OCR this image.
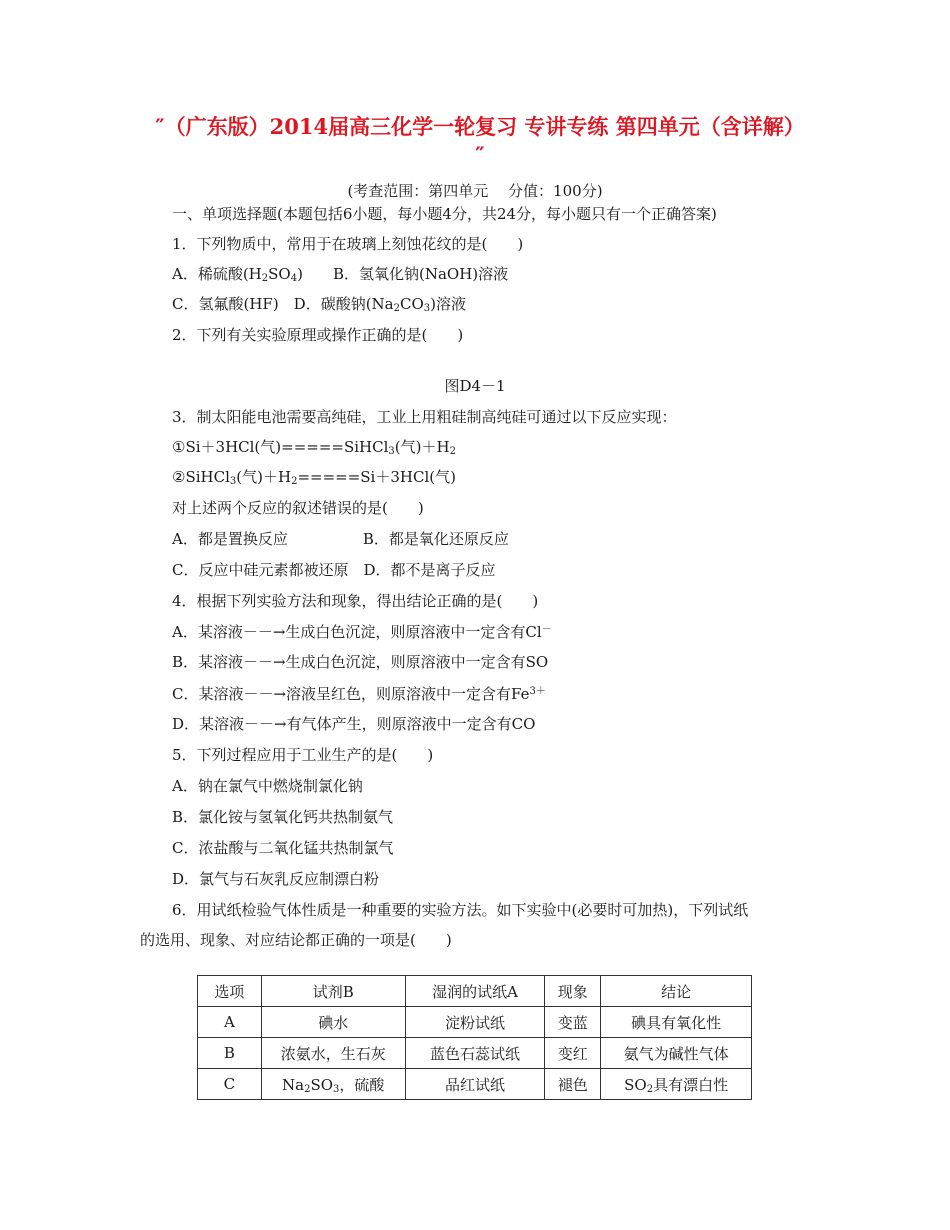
″（广东版）2014届高三化学一轮复习 专讲专练 第四单元（含详解） ″
(考查范围：第四单元　 分值：100分)
一、单项选择题(本题包括6小题，每小题4分，共24分，每小题只有一个正确答案)
1．下列物质中，常用于在玻璃上刻蚀花纹的是(　　)
A．稀硫酸$(H_2SO_4)$　　B．氢氧化钠(NaOH)溶液
C．氢氟酸(HF)　D．碳酸钠$(Na_2CO_3)$溶液
2．下列有关实验原理或操作正确的是(　　)
图D4－1
3．制太阳能电池需要高纯硅，工业上用粗硅制高纯硅可通过以下反应实现：
①Si＋3HCl(气)=====SiHCl$_3$(气)$+H_2$
②SiHCl$_3$(气)$+H_2=====Si+3HCl$(气)
对上述两个反应的叙述错误的是(　　)
A．都是置换反应　　　　　B．都是氧化还原反应
C．反应中硅元素都被还原　D．都不是离子反应
4．根据下列实验方法和现象，得出结论正确的是(　　)
A．某溶液－－→生成白色沉淀，则原溶液中一定含有Cl－
B．某溶液－－→生成白色沉淀，则原溶液中一定含有SO
C．某溶液－－→溶液呈红色，则原溶液中一定含有$Fe^{3+}$
D．某溶液－－→有气体产生，则原溶液中一定含有CO
5．下列过程应用于工业生产的是(　　)
A．钠在氯气中燃烧制氯化钠
B．氯化铵与氢氧化钙共热制氨气
C．浓盐酸与二氧化锰共热制氯气
D．氯气与石灰乳反应制漂白粉
6．用试纸检验气体性质是一种重要的实验方法。如下实验中(必要时可加热)，下列试纸
的选用、现象、对应结论都正确的一项是(　　)
选项	试剂B	湿润的试纸A	现象	结论
A	碘水	淀粉试纸	变蓝	碘具有氧化性
B	浓氨水，生石灰	蓝色石蕊试纸	变红	氨气为碱性气体
C	$Na_2SO_3$，硫酸	品红试纸	褪色	$SO_2$具有漂白性
